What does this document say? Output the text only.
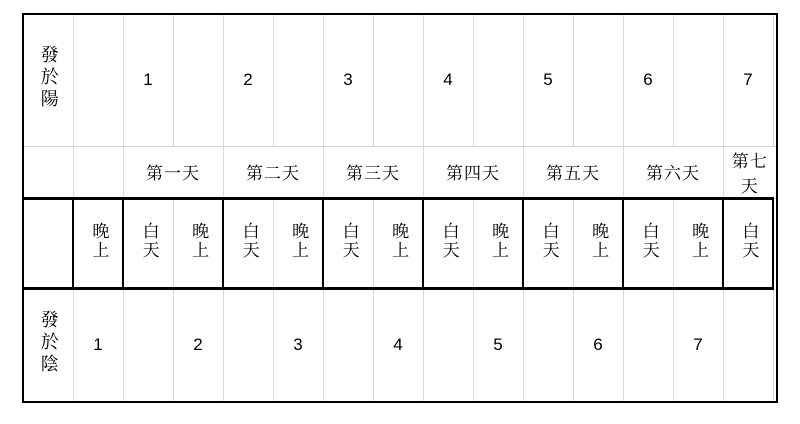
發於陽		1		2		3		4		5		6		7
		第一天		第二天		第三天		第四天		第五天		第六天		第七天
	晚上	白天	晚上	白天	晚上	白天	晚上	白天	晚上	白天	晚上	白天	晚上	白天
發於陰	1		2		3		4		5		6		7	
